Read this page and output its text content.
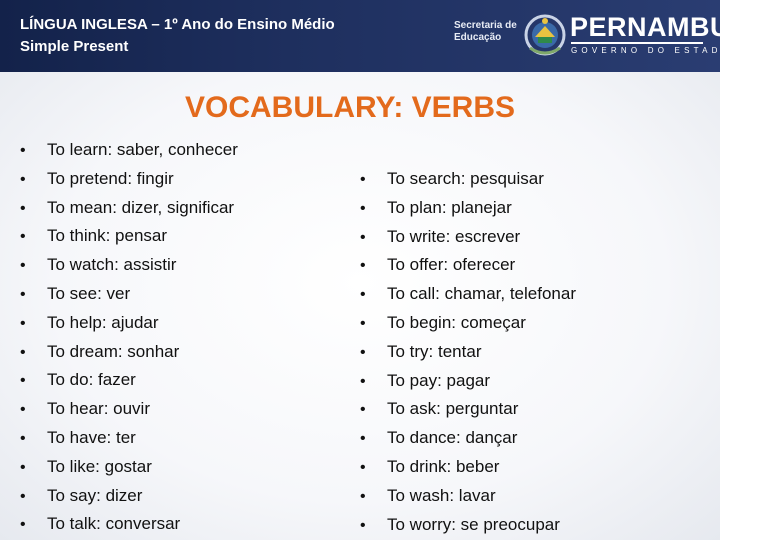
LÍNGUA INGLESA – 1º Ano do Ensino Médio
Simple Present
Secretaria de
Educação	PERNAMBUCO
GOVERNO DO ESTADO
VOCABULARY: VERBS
• To learn: saber, conhecer
• To pretend: fingir
• To mean: dizer, significar
• To think: pensar
• To watch: assistir
• To see: ver
• To help: ajudar
• To dream: sonhar
• To do: fazer
• To hear: ouvir
• To have: ter
• To like: gostar
• To say: dizer
• To talk: conversar
• To search: pesquisar
• To plan: planejar
• To write: escrever
• To offer: oferecer
• To call: chamar, telefonar
• To begin: começar
• To try: tentar
• To pay: pagar
• To ask: perguntar
• To dance: dançar
• To drink: beber
• To wash: lavar
• To worry: se preocupar
